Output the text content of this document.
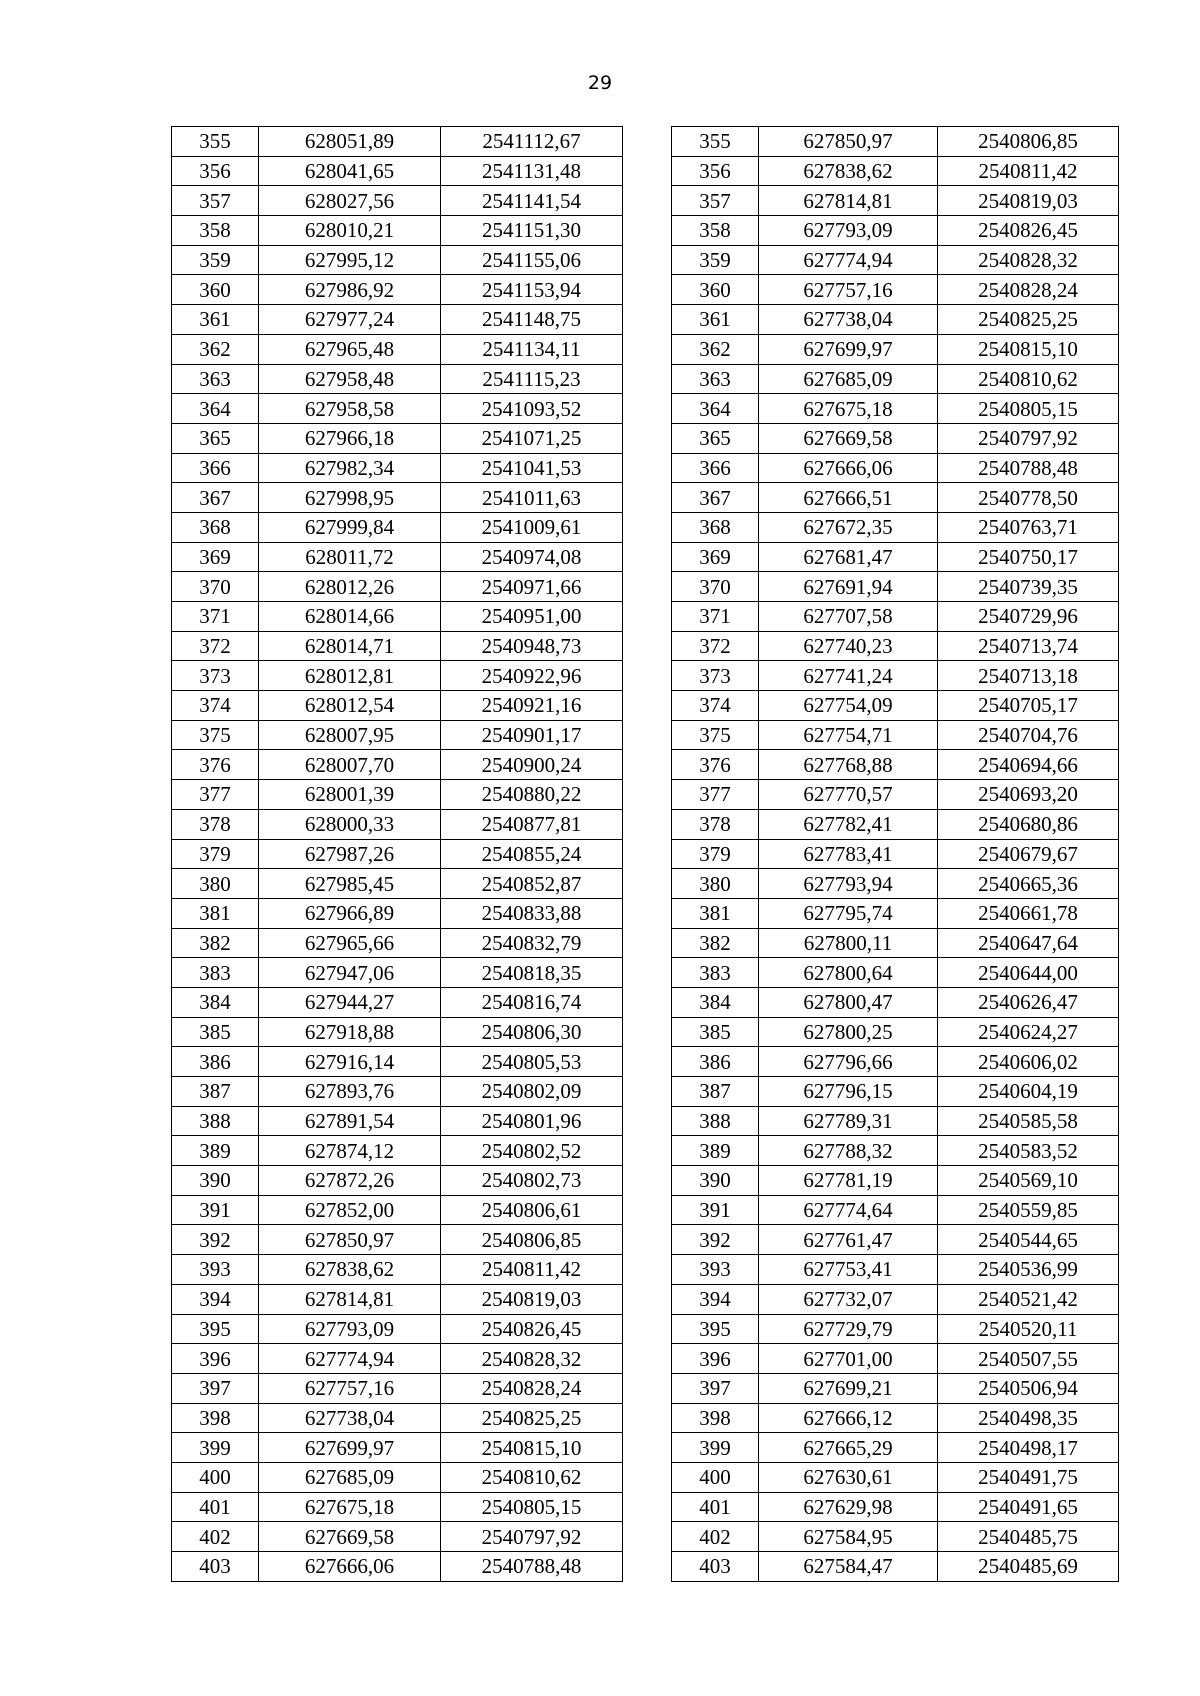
29
355	628051,89	2541112,67		355	627850,97	2540806,85
356	628041,65	2541131,48		356	627838,62	2540811,42
357	628027,56	2541141,54		357	627814,81	2540819,03
358	628010,21	2541151,30		358	627793,09	2540826,45
359	627995,12	2541155,06		359	627774,94	2540828,32
360	627986,92	2541153,94		360	627757,16	2540828,24
361	627977,24	2541148,75		361	627738,04	2540825,25
362	627965,48	2541134,11		362	627699,97	2540815,10
363	627958,48	2541115,23		363	627685,09	2540810,62
364	627958,58	2541093,52		364	627675,18	2540805,15
365	627966,18	2541071,25		365	627669,58	2540797,92
366	627982,34	2541041,53		366	627666,06	2540788,48
367	627998,95	2541011,63		367	627666,51	2540778,50
368	627999,84	2541009,61		368	627672,35	2540763,71
369	628011,72	2540974,08		369	627681,47	2540750,17
370	628012,26	2540971,66		370	627691,94	2540739,35
371	628014,66	2540951,00		371	627707,58	2540729,96
372	628014,71	2540948,73		372	627740,23	2540713,74
373	628012,81	2540922,96		373	627741,24	2540713,18
374	628012,54	2540921,16		374	627754,09	2540705,17
375	628007,95	2540901,17		375	627754,71	2540704,76
376	628007,70	2540900,24		376	627768,88	2540694,66
377	628001,39	2540880,22		377	627770,57	2540693,20
378	628000,33	2540877,81		378	627782,41	2540680,86
379	627987,26	2540855,24		379	627783,41	2540679,67
380	627985,45	2540852,87		380	627793,94	2540665,36
381	627966,89	2540833,88		381	627795,74	2540661,78
382	627965,66	2540832,79		382	627800,11	2540647,64
383	627947,06	2540818,35		383	627800,64	2540644,00
384	627944,27	2540816,74		384	627800,47	2540626,47
385	627918,88	2540806,30		385	627800,25	2540624,27
386	627916,14	2540805,53		386	627796,66	2540606,02
387	627893,76	2540802,09		387	627796,15	2540604,19
388	627891,54	2540801,96		388	627789,31	2540585,58
389	627874,12	2540802,52		389	627788,32	2540583,52
390	627872,26	2540802,73		390	627781,19	2540569,10
391	627852,00	2540806,61		391	627774,64	2540559,85
392	627850,97	2540806,85		392	627761,47	2540544,65
393	627838,62	2540811,42		393	627753,41	2540536,99
394	627814,81	2540819,03		394	627732,07	2540521,42
395	627793,09	2540826,45		395	627729,79	2540520,11
396	627774,94	2540828,32		396	627701,00	2540507,55
397	627757,16	2540828,24		397	627699,21	2540506,94
398	627738,04	2540825,25		398	627666,12	2540498,35
399	627699,97	2540815,10		399	627665,29	2540498,17
400	627685,09	2540810,62		400	627630,61	2540491,75
401	627675,18	2540805,15		401	627629,98	2540491,65
402	627669,58	2540797,92		402	627584,95	2540485,75
403	627666,06	2540788,48		403	627584,47	2540485,69
